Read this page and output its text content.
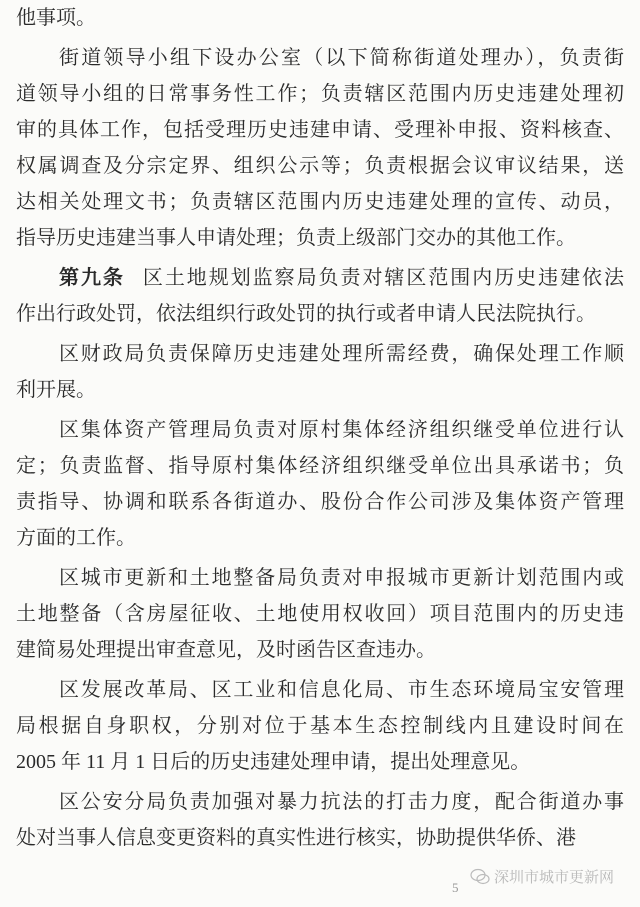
他事项。
街道领导小组下设办公室（以下简称街道处理办），负责街
道领导小组的日常事务性工作；负责辖区范围内历史违建处理初
审的具体工作，包括受理历史违建申请、受理补申报、资料核查、
权属调查及分宗定界、组织公示等；负责根据会议审议结果，送
达相关处理文书；负责辖区范围内历史违建处理的宣传、动员，
指导历史违建当事人申请处理；负责上级部门交办的其他工作。
第九条 区土地规划监察局负责对辖区范围内历史违建依法
作出行政处罚，依法组织行政处罚的执行或者申请人民法院执行。
区财政局负责保障历史违建处理所需经费，确保处理工作顺
利开展。
区集体资产管理局负责对原村集体经济组织继受单位进行认
定；负责监督、指导原村集体经济组织继受单位出具承诺书；负
责指导、协调和联系各街道办、股份合作公司涉及集体资产管理
方面的工作。
区城市更新和土地整备局负责对申报城市更新计划范围内或
土地整备（含房屋征收、土地使用权收回）项目范围内的历史违
建简易处理提出审查意见，及时函告区查违办。
区发展改革局、区工业和信息化局、市生态环境局宝安管理
局根据自身职权，分别对位于基本生态控制线内且建设时间在
2005 年 11 月 1 日后的历史违建处理申请，提出处理意见。
区公安分局负责加强对暴力抗法的打击力度，配合街道办事
处对当事人信息变更资料的真实性进行核实，协助提供华侨、港
深圳市城市更新网
5
